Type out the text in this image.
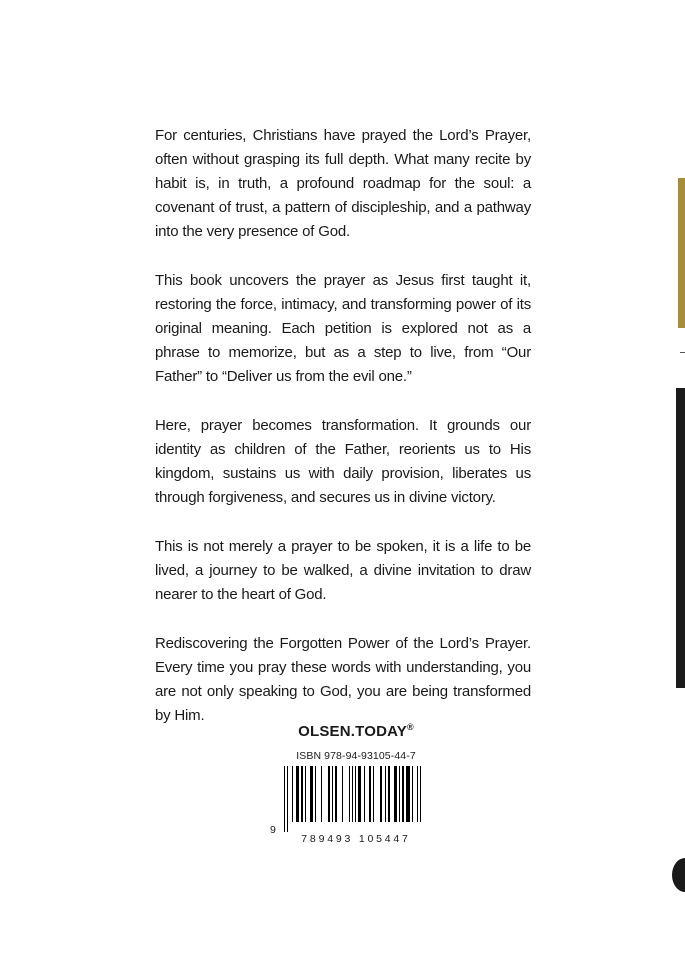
For centuries, Christians have prayed the Lord’s Prayer, often without grasping its full depth. What many recite by habit is, in truth, a profound roadmap for the soul: a covenant of trust, a pattern of discipleship, and a pathway into the very presence of God.

This book uncovers the prayer as Jesus first taught it, restoring the force, intimacy, and transforming power of its original meaning. Each petition is explored not as a phrase to memorize, but as a step to live, from “Our Father” to “Deliver us from the evil one.”

Here, prayer becomes transformation. It grounds our identity as children of the Father, reorients us to His kingdom, sustains us with daily provision, liberates us through forgiveness, and secures us in divine victory.

This is not merely a prayer to be spoken, it is a life to be lived, a journey to be walked, a divine invitation to draw nearer to the heart of God.

Rediscovering the Forgotten Power of the Lord’s Prayer. Every time you pray these words with understanding, you are not only speaking to God, you are being transformed by Him.

OLSEN.TODAY®
ISBN 978-94-93105-44-7
9
789493 105447
